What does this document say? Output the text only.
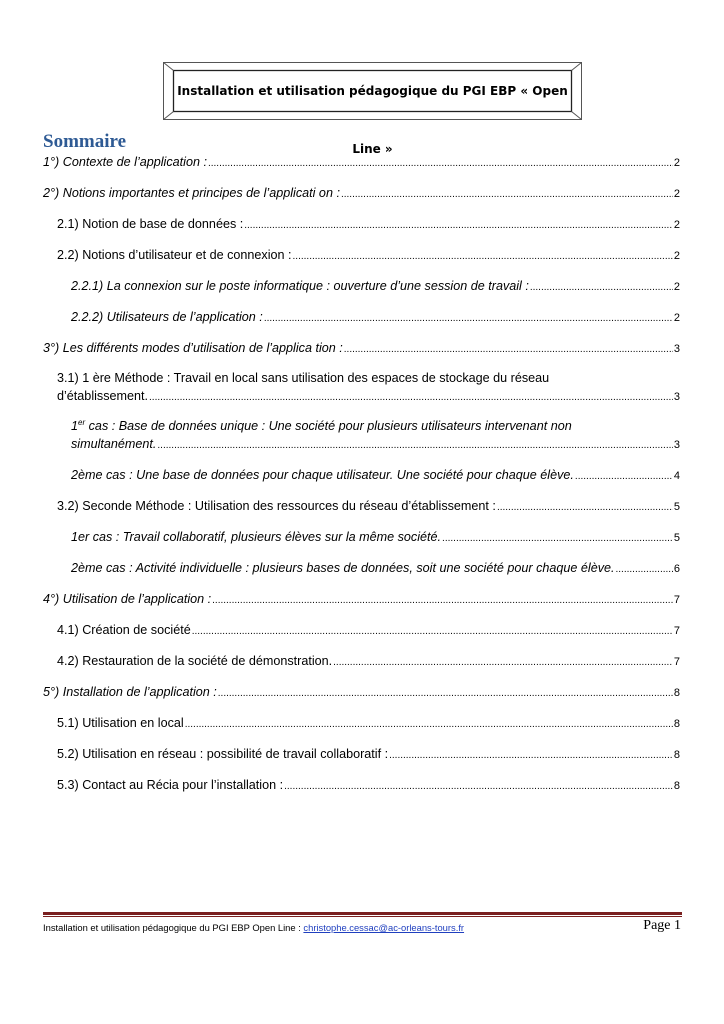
Installation et utilisation pédagogique du PGI EBP « Open Line »
Sommaire
1°) Contexte de l’application : .....	2
2°) Notions importantes et principes de l’applicati on : .....	2
2.1) Notion de base de données : .....	2
2.2) Notions d’utilisateur et de connexion : .....	2
2.2.1) La connexion sur le poste informatique : ouverture d’une session de travail : .....	2
2.2.2) Utilisateurs de l’application : .....	2
3°) Les différents modes d’utilisation de l’applica tion : .....	3
3.1) 1 ère Méthode : Travail en local sans utilisation des espaces de stockage du réseau
d’établissement. .....	3
1er cas : Base de données unique : Une société pour plusieurs utilisateurs intervenant non
simultanément. .....	3
2ème cas : Une base de données pour chaque utilisateur. Une société pour chaque élève. .....	4
3.2) Seconde Méthode : Utilisation des ressources du réseau d’établissement : .....	5
1er cas : Travail collaboratif, plusieurs élèves sur la même société. .....	5
2ème cas : Activité individuelle : plusieurs bases de données, soit une société pour chaque élève. .....	6
4°) Utilisation de l’application : .....	7
4.1) Création de société .....	7
4.2) Restauration de la société de démonstration. .....	7
5°) Installation de l’application : .....	8
5.1) Utilisation en local .....	8
5.2) Utilisation en réseau : possibilité de travail collaboratif : .....	8
5.3) Contact au Récia pour l’installation : .....	8
Installation et utilisation pédagogique du PGI EBP Open Line : christophe.cessac@ac-orleans-tours.fr	Page 1
